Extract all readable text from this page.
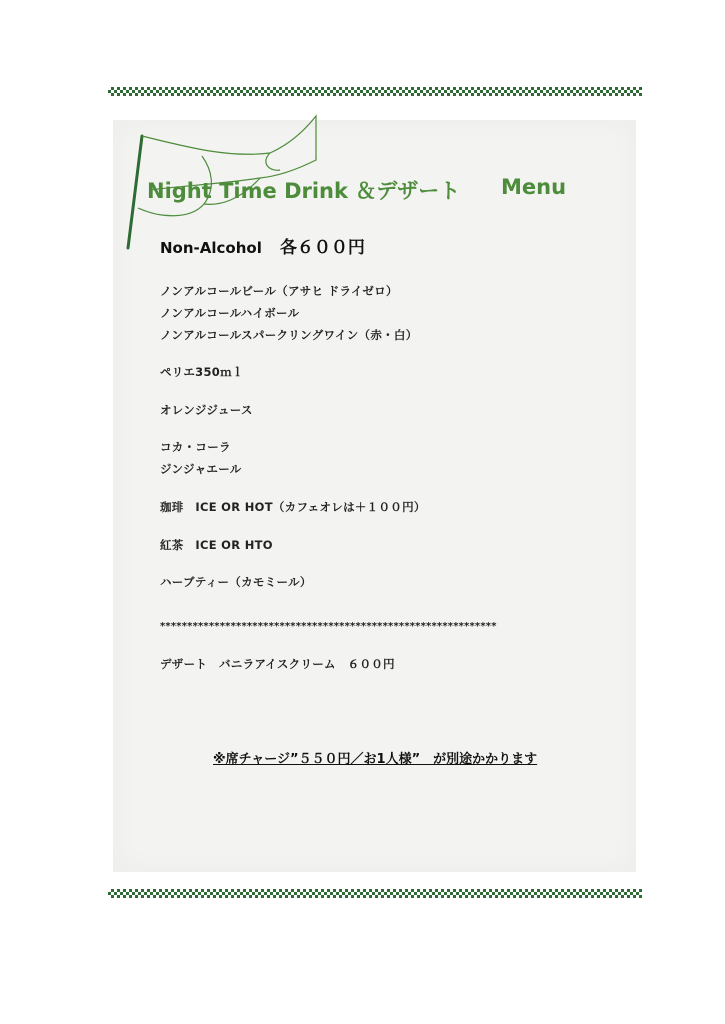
Night Time Drink ＆デザート Menu
Non-Alcohol 各６００円
ノンアルコールビール（アサヒ ドライゼロ）
ノンアルコールハイボール
ノンアルコールスパークリングワイン（赤・白）
ペリエ350ｍｌ
オレンジジュース
コカ・コーラ
ジンジャエール
珈琲　ICE OR HOT（カフェオレは＋１００円）
紅茶　ICE OR HTO
ハーブティー（カモミール）
**************************************************************
デザート　バニラアイスクリーム　６００円
※席チャージ”５５０円／お1人様”　が別途かかります
